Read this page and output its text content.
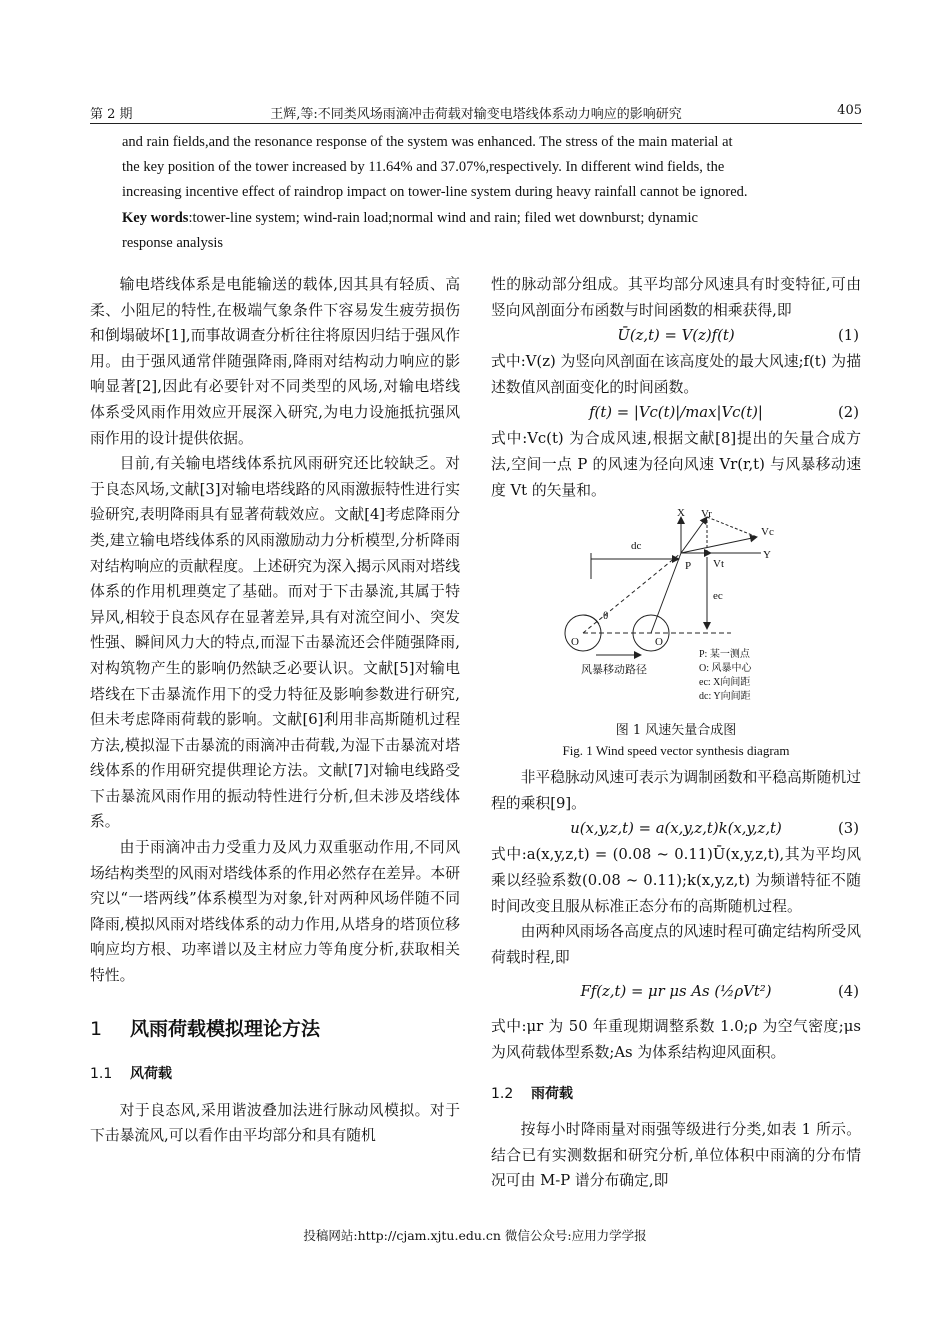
第 2 期	王辉,等:不同类风场雨滴冲击荷载对输变电塔线体系动力响应的影响研究	405

and rain fields,and the resonance response of the system was enhanced. The stress of the main material at

the key position of the tower increased by 11.64% and 37.07%,respectively. In different wind fields, the

increasing incentive effect of raindrop impact on tower-line system during heavy rainfall cannot be ignored.

Key words:tower-line system; wind-rain load;normal wind and rain; filed wet downburst; dynamic

response analysis

输电塔线体系是电能输送的载体,因其具有轻质、高柔、小阻尼的特性,在极端气象条件下容易发生疲劳损伤和倒塌破坏[1],而事故调查分析往往将原因归结于强风作用。由于强风通常伴随强降雨,降雨对结构动力响应的影响显著[2],因此有必要针对不同类型的风场,对输电塔线体系受风雨作用效应开展深入研究,为电力设施抵抗强风雨作用的设计提供依据。

目前,有关输电塔线体系抗风雨研究还比较缺乏。对于良态风场,文献[3]对输电塔线路的风雨激振特性进行实验研究,表明降雨具有显著荷载效应。文献[4]考虑降雨分类,建立输电塔线体系的风雨激励动力分析模型,分析降雨对结构响应的贡献程度。上述研究为深入揭示风雨对塔线体系的作用机理奠定了基础。而对于下击暴流,其属于特异风,相较于良态风存在显著差异,具有对流空间小、突发性强、瞬间风力大的特点,而湿下击暴流还会伴随强降雨,对构筑物产生的影响仍然缺乏必要认识。文献[5]对输电塔线在下击暴流作用下的受力特征及影响参数进行研究,但未考虑降雨荷载的影响。文献[6]利用非高斯随机过程方法,模拟湿下击暴流的雨滴冲击荷载,为湿下击暴流对塔线体系的作用研究提供理论方法。文献[7]对输电线路受下击暴流风雨作用的振动特性进行分析,但未涉及塔线体系。

由于雨滴冲击力受重力及风力双重驱动作用,不同风场结构类型的风雨对塔线体系的作用必然存在差异。本研究以“一塔两线”体系模型为对象,针对两种风场伴随不同降雨,模拟风雨对塔线体系的动力作用,从塔身的塔顶位移响应均方根、功率谱以及主材应力等角度分析,获取相关特性。

1 风雨荷载模拟理论方法
1.1 风荷载

对于良态风,采用谐波叠加法进行脉动风模拟。对于下击暴流风,可以看作由平均部分和具有随机

性的脉动部分组成。其平均部分风速具有时变特征,可由竖向风剖面分布函数与时间函数的相乘获得,即

Ū(z,t) = V(z)f(t)	(1)

式中:V(z) 为竖向风剖面在该高度处的最大风速;f(t) 为描述数值风剖面变化的时间函数。

f(t) = |Vc(t)|/max|Vc(t)|	(2)

式中:Vc(t) 为合成风速,根据文献[8]提出的矢量合成方法,空间一点 P 的风速为径向风速 Vr(r,t) 与风暴移动速度 Vt 的矢量和。

X
Y
P
Vr
Vc
Vt
dc
ec
θ
O	O
风暴移动路径
P: 某一测点
O: 风暴中心
ec: X向间距
dc: Y向间距
图 1 风速矢量合成图
Fig. 1 Wind speed vector synthesis diagram

非平稳脉动风速可表示为调制函数和平稳高斯随机过程的乘积[9]。

u(x,y,z,t) = a(x,y,z,t)k(x,y,z,t)	(3)

式中:a(x,y,z,t) = (0.08 ~ 0.11)Ū(x,y,z,t),其为平均风乘以经验系数(0.08 ~ 0.11);k(x,y,z,t) 为频谱特征不随时间改变且服从标准正态分布的高斯随机过程。

由两种风雨场各高度点的风速时程可确定结构所受风荷载时程,即

Ff(z,t) = μr μs As (½ρVt²)	(4)

式中:μr 为 50 年重现期调整系数 1.0;ρ 为空气密度;μs 为风荷载体型系数;As 为体系结构迎风面积。

1.2 雨荷载

按每小时降雨量对雨强等级进行分类,如表 1 所示。结合已有实测数据和研究分析,单位体积中雨滴的分布情况可由 M-P 谱分布确定,即

投稿网站:http://cjam.xjtu.edu.cn 微信公众号:应用力学学报
